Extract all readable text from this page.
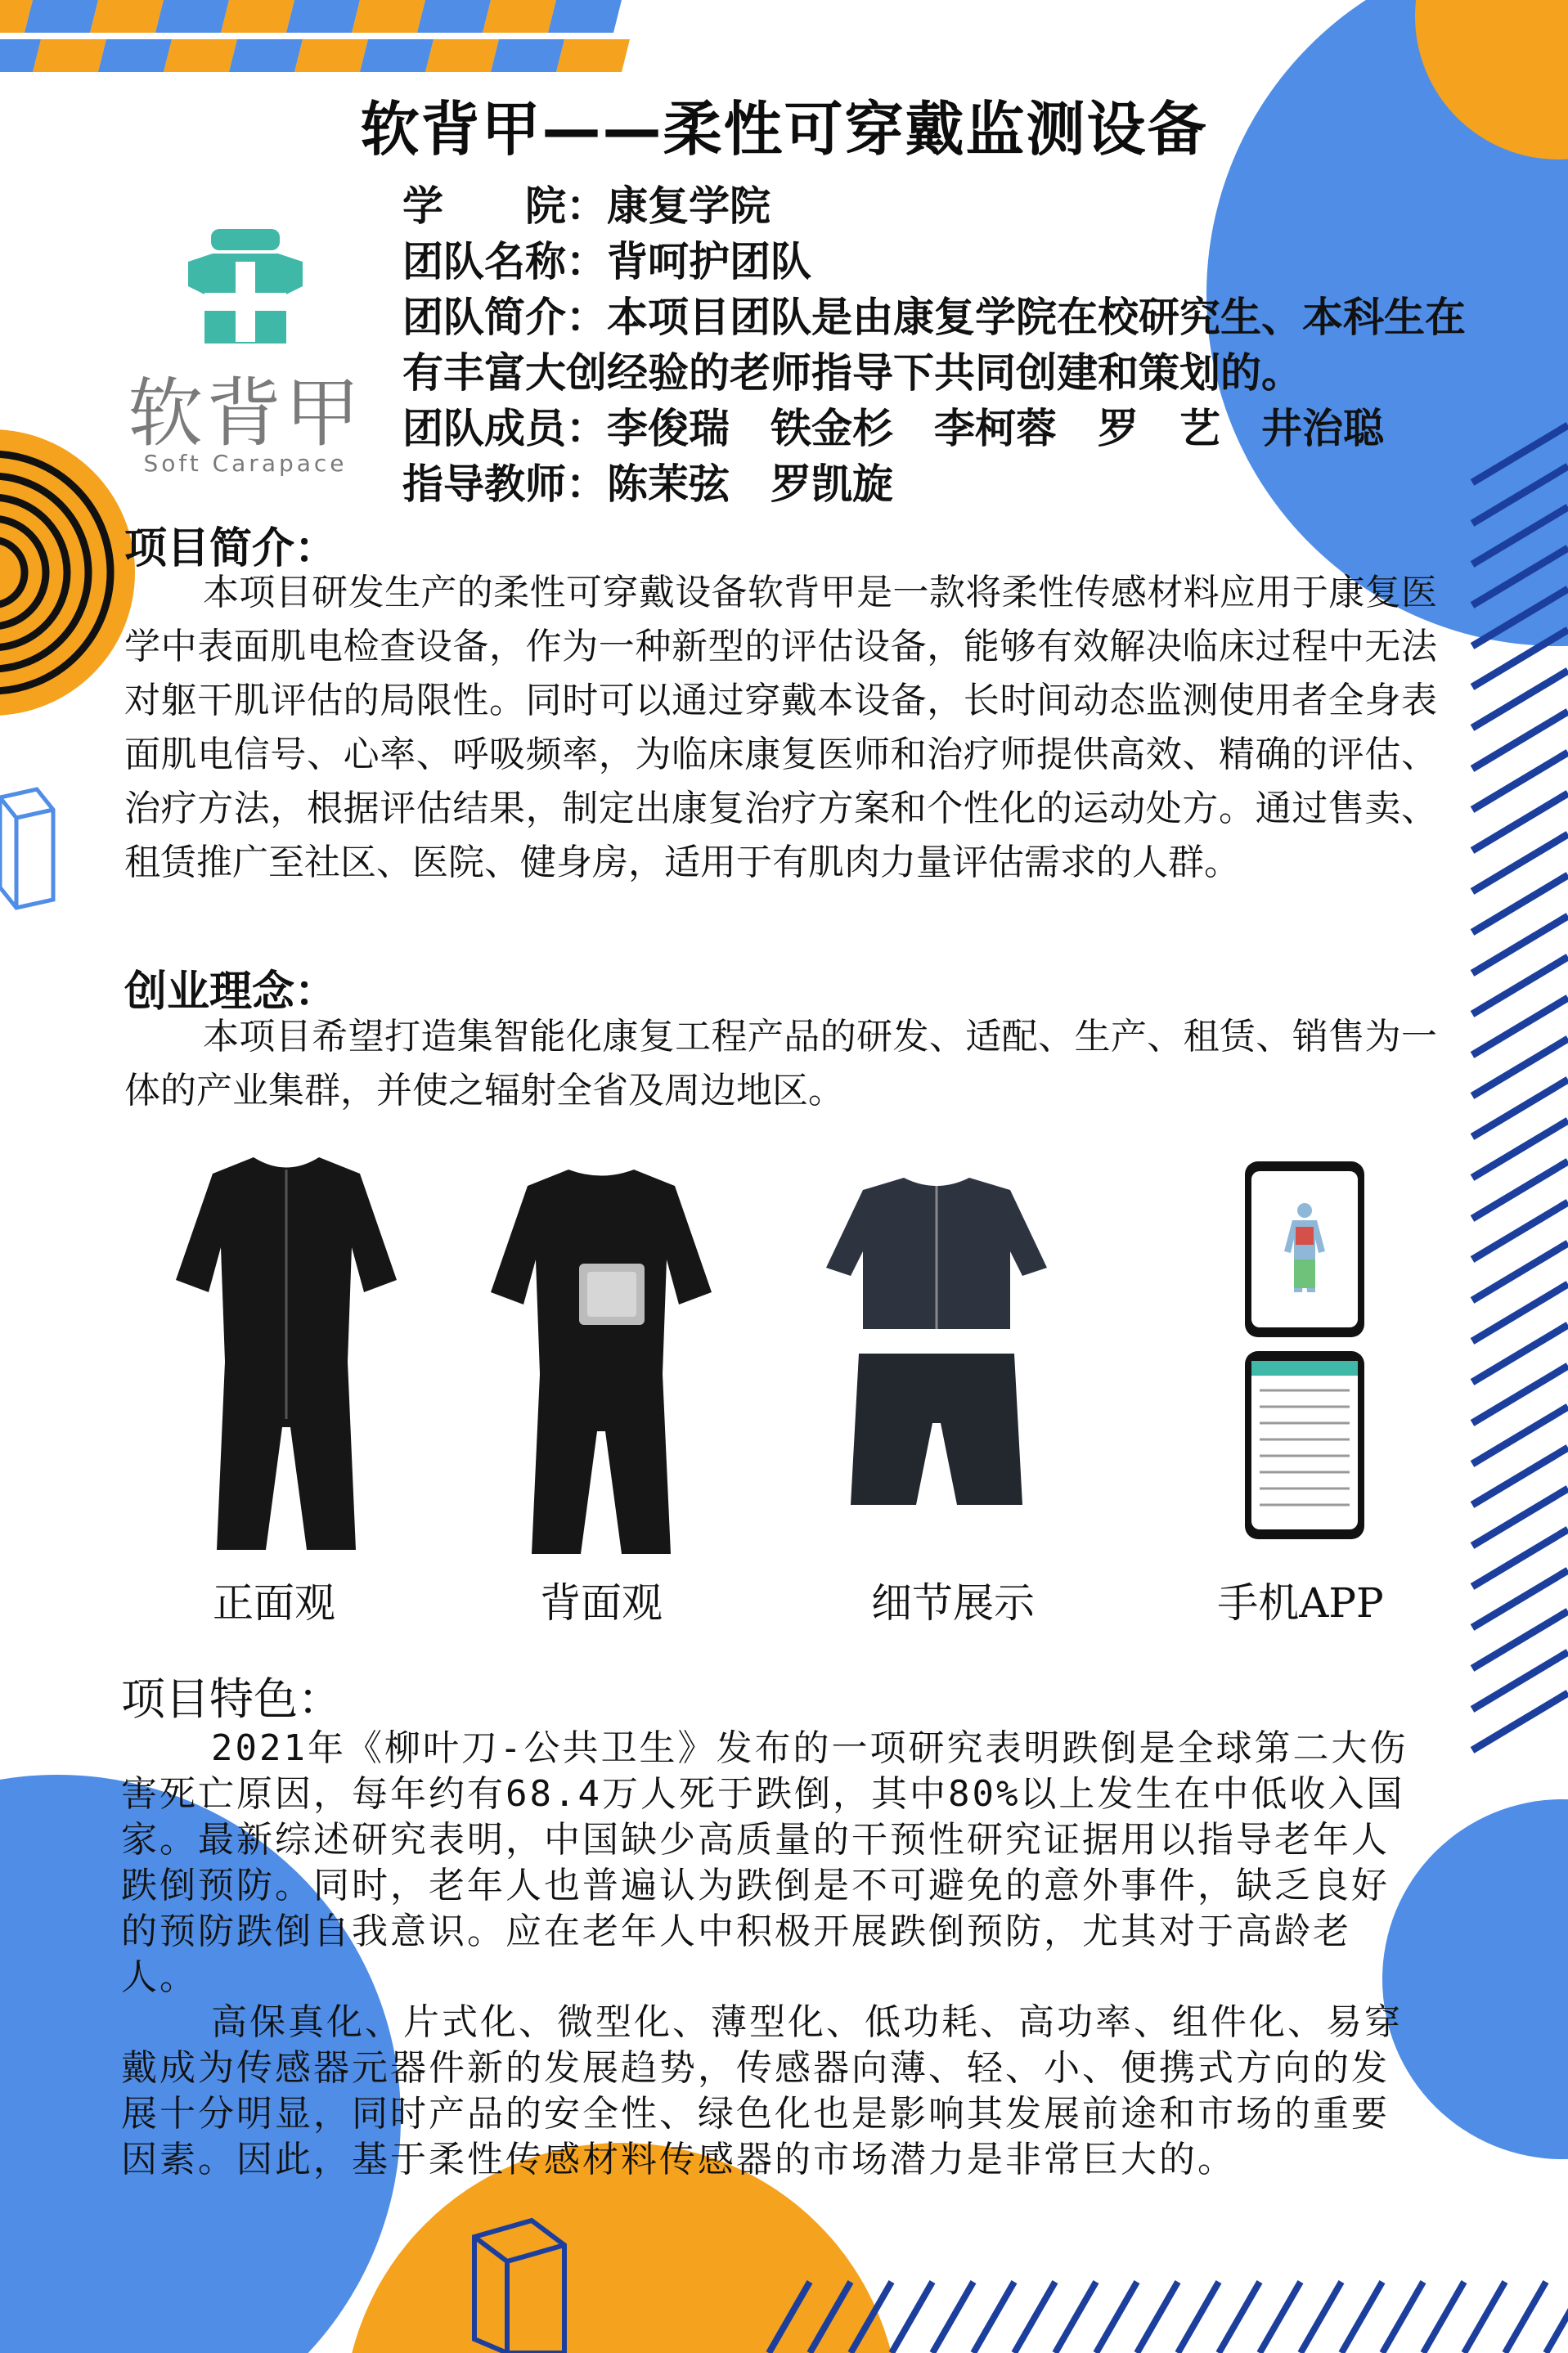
软背甲——柔性可穿戴监测设备
软背甲
Soft Carapace
学　　院：康复学院
团队名称：背呵护团队
团队简介：本项目团队是由康复学院在校研究生、本科生在有丰富大创经验的老师指导下共同创建和策划的。
团队成员：李俊瑞　铁金杉　李柯蓉　罗　艺　井治聪
指导教师：陈茉弦　罗凯旋
项目简介：
本项目研发生产的柔性可穿戴设备软背甲是一款将柔性传感材料应用于康复医学中表面肌电检查设备，作为一种新型的评估设备，能够有效解决临床过程中无法对躯干肌评估的局限性。同时可以通过穿戴本设备，长时间动态监测使用者全身表面肌电信号、心率、呼吸频率，为临床康复医师和治疗师提供高效、精确的评估、治疗方法，根据评估结果，制定出康复治疗方案和个性化的运动处方。通过售卖、租赁推广至社区、医院、健身房，适用于有肌肉力量评估需求的人群。
创业理念：
本项目希望打造集智能化康复工程产品的研发、适配、生产、租赁、销售为一体的产业集群，并使之辐射全省及周边地区。
正面观	背面观	细节展示	手机APP
项目特色：
2021年《柳叶刀-公共卫生》发布的一项研究表明跌倒是全球第二大伤害死亡原因，每年约有68.4万人死于跌倒，其中80%以上发生在中低收入国家。最新综述研究表明，中国缺少高质量的干预性研究证据用以指导老年人跌倒预防。同时，老年人也普遍认为跌倒是不可避免的意外事件，缺乏良好的预防跌倒自我意识。应在老年人中积极开展跌倒预防，尤其对于高龄老人。
高保真化、片式化、微型化、薄型化、低功耗、高功率、组件化、易穿戴成为传感器元器件新的发展趋势，传感器向薄、轻、小、便携式方向的发展十分明显，同时产品的安全性、绿色化也是影响其发展前途和市场的重要因素。因此，基于柔性传感材料传感器的市场潜力是非常巨大的。
